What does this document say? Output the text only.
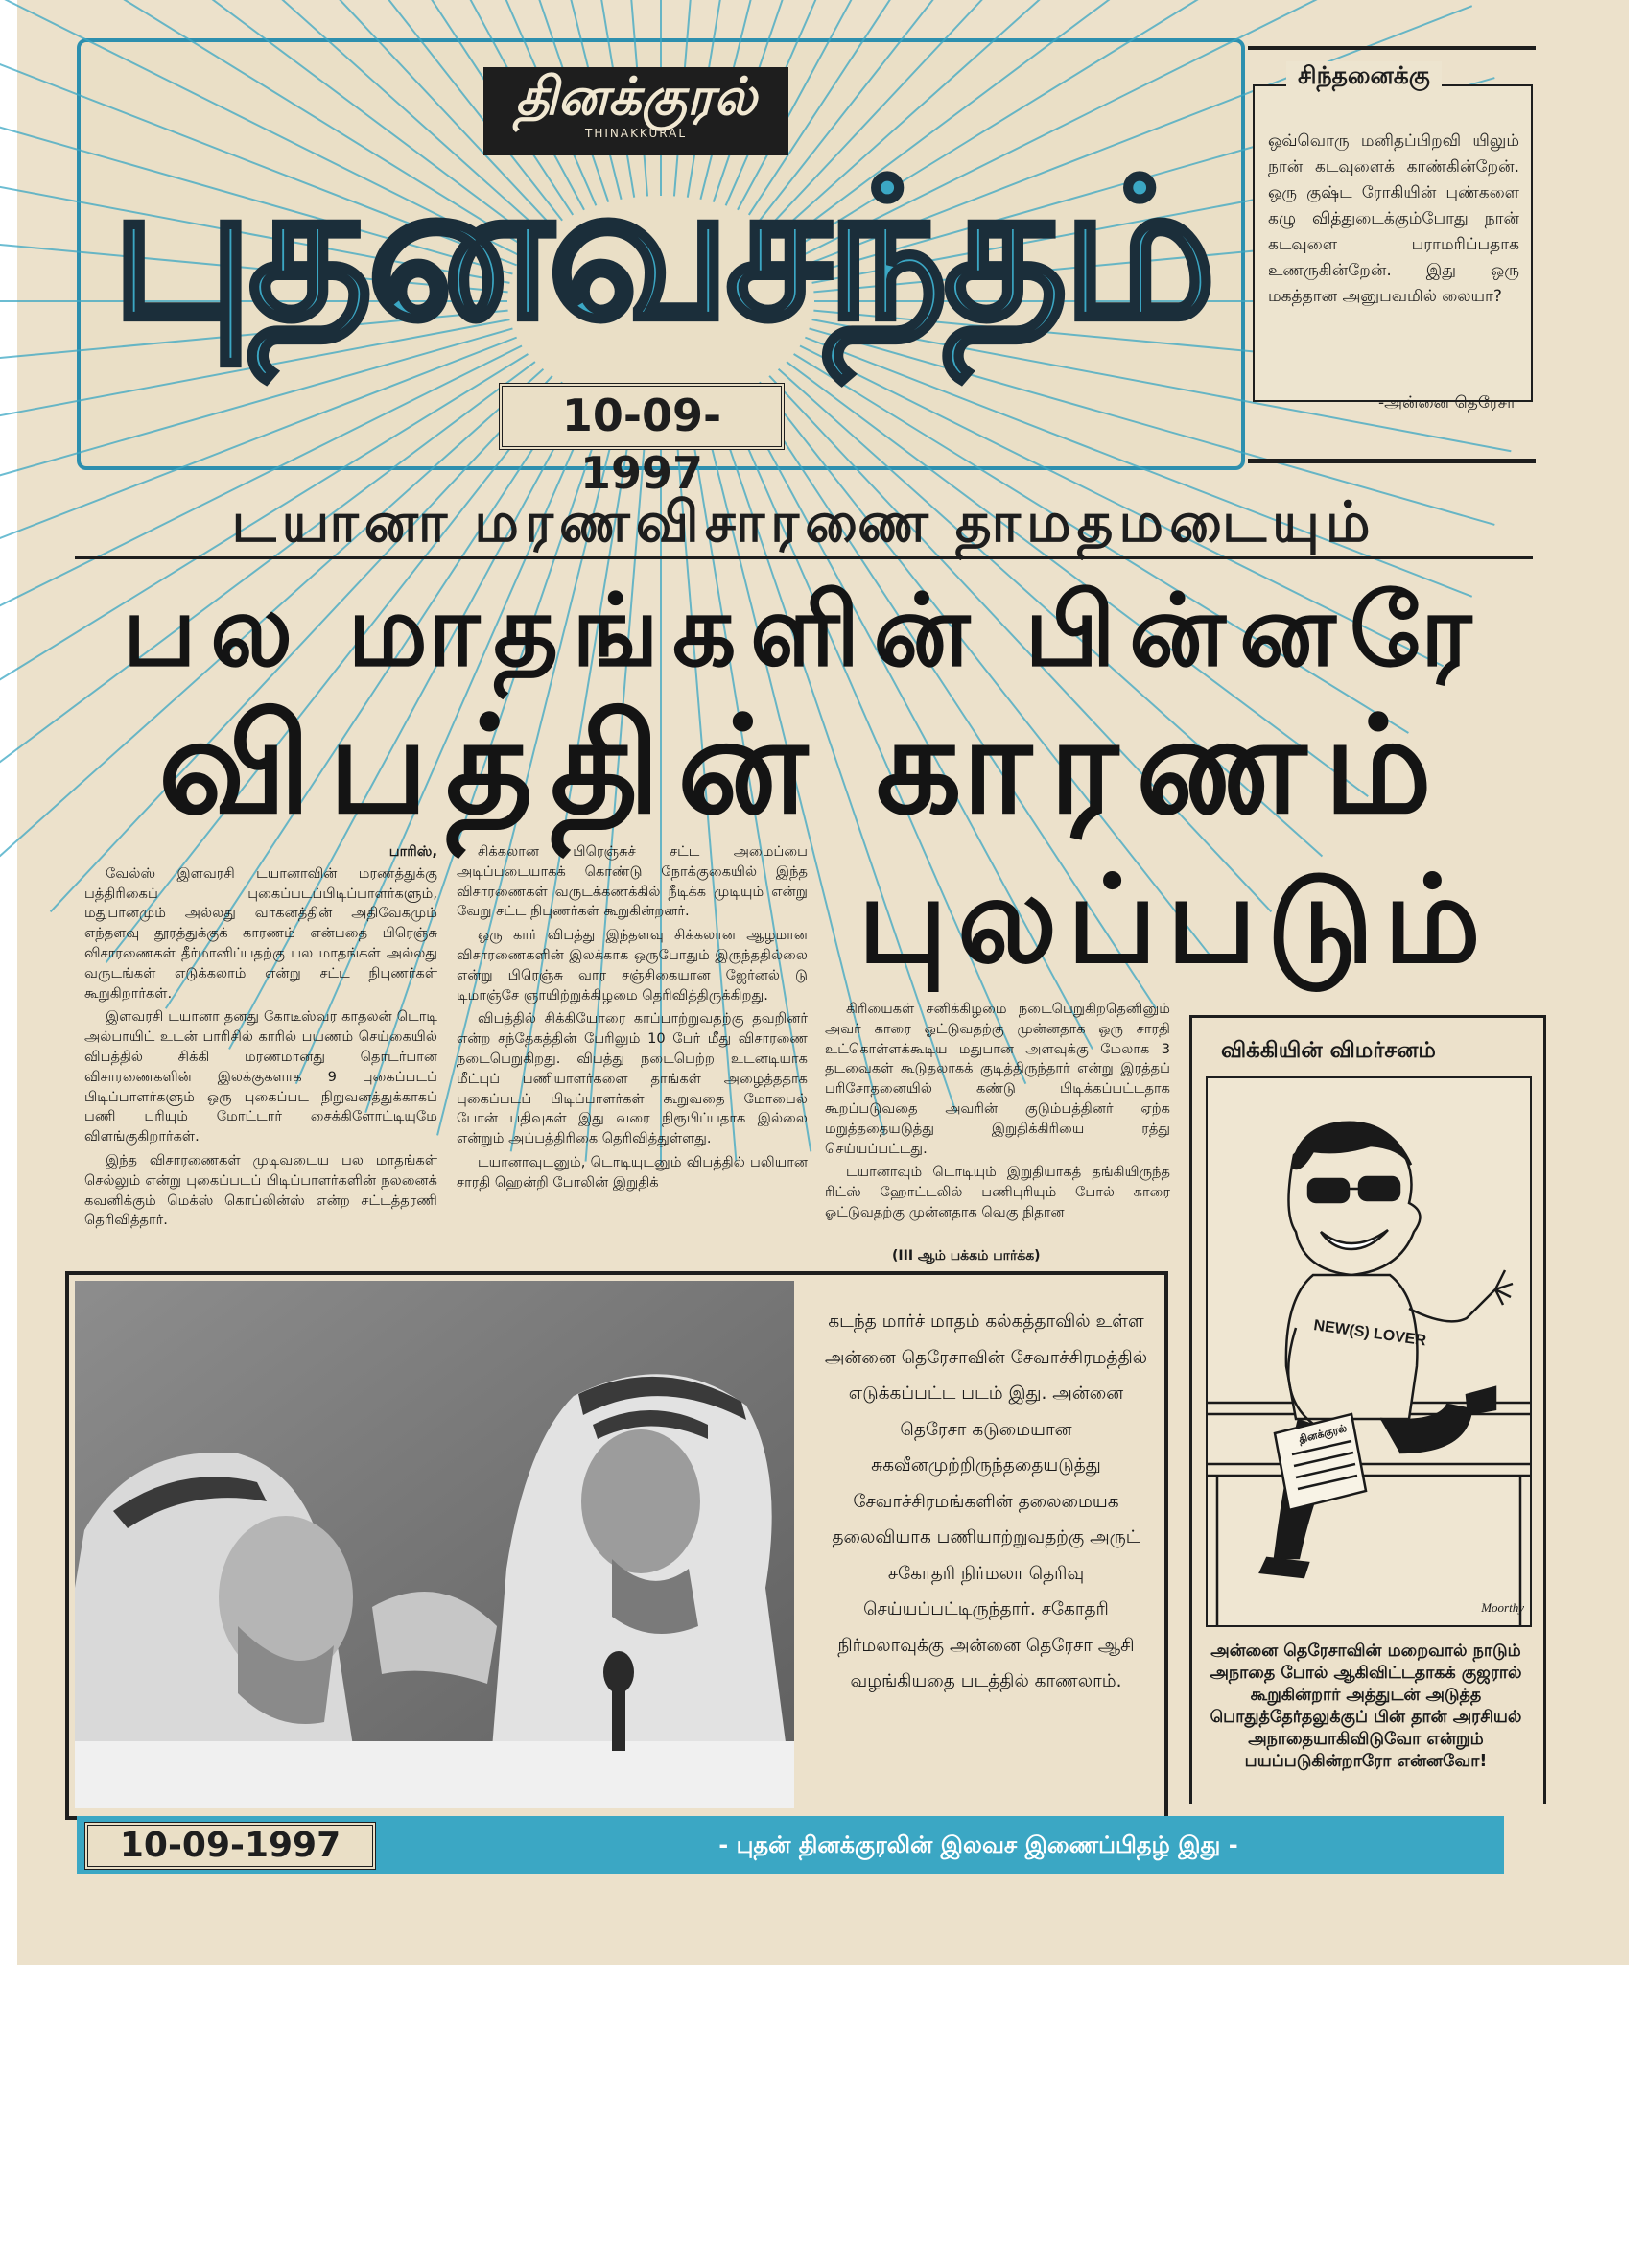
தினக்குரல்
THINAKKURAL
புதனவசந்தம்
10-09-1997
ஒவ்வொரு மனிதப்பிறவி யிலும் நான் கடவுளைக் காண்கின்றேன். ஒரு குஷ்ட ரோகியின் புண்களை கழு வித்துடைக்கும்போது நான் கடவுளை பராமரிப்பதாக உணருகின்றேன். இது ஒரு மகத்தான அனுபவமில் லையா?
-அன்னை தெரேசா
சிந்தனைக்கு
டயானா மரணவிசாரணை தாமதமடையும்
பல மாதங்களின் பின்னரே
விபத்தின் காரணம்
புலப்படும்
பாரிஸ்,

வேல்ஸ் இளவரசி டயானாவின் மரணத்துக்கு பத்திரிகைப் புகைப்படப்பிடிப்பாளர்களும், மதுபானமும் அல்லது வாகனத்தின் அதிவேகமும் எந்தளவு தூரத்துக்குக் காரணம் என்பதை பிரெஞ்சு விசாரணைகள் தீர்மானிப்பதற்கு பல மாதங்கள் அல்லது வருடங்கள் எடுக்கலாம் என்று சட்ட நிபுணர்கள் கூறுகிறார்கள்.

இளவரசி டயானா தனது கோடீஸ்வர காதலன் டொடி அல்பாயிட் உடன் பாரிசில் காரில் பயணம் செய்கையில் விபத்தில் சிக்கி மரணமானது தொடர்பான விசாரணைகளின் இலக்குகளாக 9 புகைப்படப் பிடிப்பாளர்களும் ஒரு புகைப்பட நிறுவனத்துக்காகப் பணி புரியும் மோட்டார் சைக்கிளோட்டியுமே விளங்குகிறார்கள்.

இந்த விசாரணைகள் முடிவடைய பல மாதங்கள் செல்லும் என்று புகைப்படப் பிடிப்பாளர்களின் நலனைக் கவனிக்கும் மெக்ஸ் கொப்லின்ஸ் என்ற சட்டத்தரணி தெரிவித்தார்.

சிக்கலான பிரெஞ்சுச் சட்ட அமைப்பை அடிப்படையாகக் கொண்டு நோக்குகையில் இந்த விசாரணைகள் வருடக்கணக்கில் நீடிக்க முடியும் என்று வேறு சட்ட நிபுணர்கள் கூறுகின்றனர்.

ஒரு கார் விபத்து இந்தளவு சிக்கலான ஆழமான விசாரணைகளின் இலக்காக ஒருபோதும் இருந்ததில்லை என்று பிரெஞ்சு வார சஞ்சிகையான ஜேர்னல் டு டிமாஞ்சே ஞாயிற்றுக்கிழமை தெரிவித்திருக்கிறது.

விபத்தில் சிக்கியோரை காப்பாற்றுவதற்கு தவறினர் என்ற சந்தேகத்தின் பேரிலும் 10 பேர் மீது விசாரணை நடைபெறுகிறது. விபத்து நடைபெற்ற உடனடியாக மீட்புப் பணியாளர்களை தாங்கள் அழைத்ததாக புகைப்படப் பிடிப்பாளர்கள் கூறுவதை மோபைல் போன் பதிவுகள் இது வரை நிரூபிப்பதாக இல்லை என்றும் அப்பத்திரிகை தெரிவித்துள்ளது.

டயானாவுடனும், டொடியுடனும் விபத்தில் பலியான சாரதி ஹென்றி போலின் இறுதிக்

கிரியைகள் சனிக்கிழமை நடைபெறுகிறதெனினும் அவர் காரை ஓட்டுவதற்கு முன்னதாக ஒரு சாரதி உட்கொள்ளக்கூடிய மதுபான அளவுக்கு மேலாக 3 தடவைகள் கூடுதலாகக் குடித்திருந்தார் என்று இரத்தப் பரிசோதனையில் கண்டு பிடிக்கப்பட்டதாக கூறப்படுவதை அவரின் குடும்பத்தினர் ஏற்க மறுத்ததையடுத்து இறுதிக்கிரியை ரத்து செய்யப்பட்டது.

டயானாவும் டொடியும் இறுதியாகத் தங்கியிருந்த ரிட்ஸ் ஹோட்டலில் பணிபுரியும் போல் காரை ஓட்டுவதற்கு முன்னதாக வெகு நிதான

(III ஆம் பக்கம் பார்க்க)
கடந்த மார்ச் மாதம் கல்கத்தாவில் உள்ள அன்னை தெரேசாவின் சேவாச்சிரமத்தில் எடுக்கப்பட்ட படம் இது. அன்னை தெரேசா கடுமையான சுகவீனமுற்றிருந்ததையடுத்து சேவாச்சிரமங்களின் தலைமையக தலைவியாக பணியாற்றுவதற்கு அருட் சகோதரி நிர்மலா தெரிவு செய்யப்பட்டிருந்தார். சகோதரி நிர்மலாவுக்கு அன்னை தெரேசா ஆசி வழங்கியதை படத்தில் காணலாம்.
விக்கியின் விமர்சனம்
NEW(S) LOVER
தினக்குரல்
Moorthy
அன்னை தெரேசாவின் மறைவால் நாடும் அநாதை போல் ஆகிவிட்டதாகக் குஜரால் கூறுகின்றார் அத்துடன் அடுத்த பொதுத்தேர்தலுக்குப் பின் தான் அரசியல் அநாதையாகிவிடுவோ என்றும் பயப்படுகின்றாரோ என்னவோ!
10-09-1997	- புதன் தினக்குரலின் இலவச இணைப்பிதழ் இது -
